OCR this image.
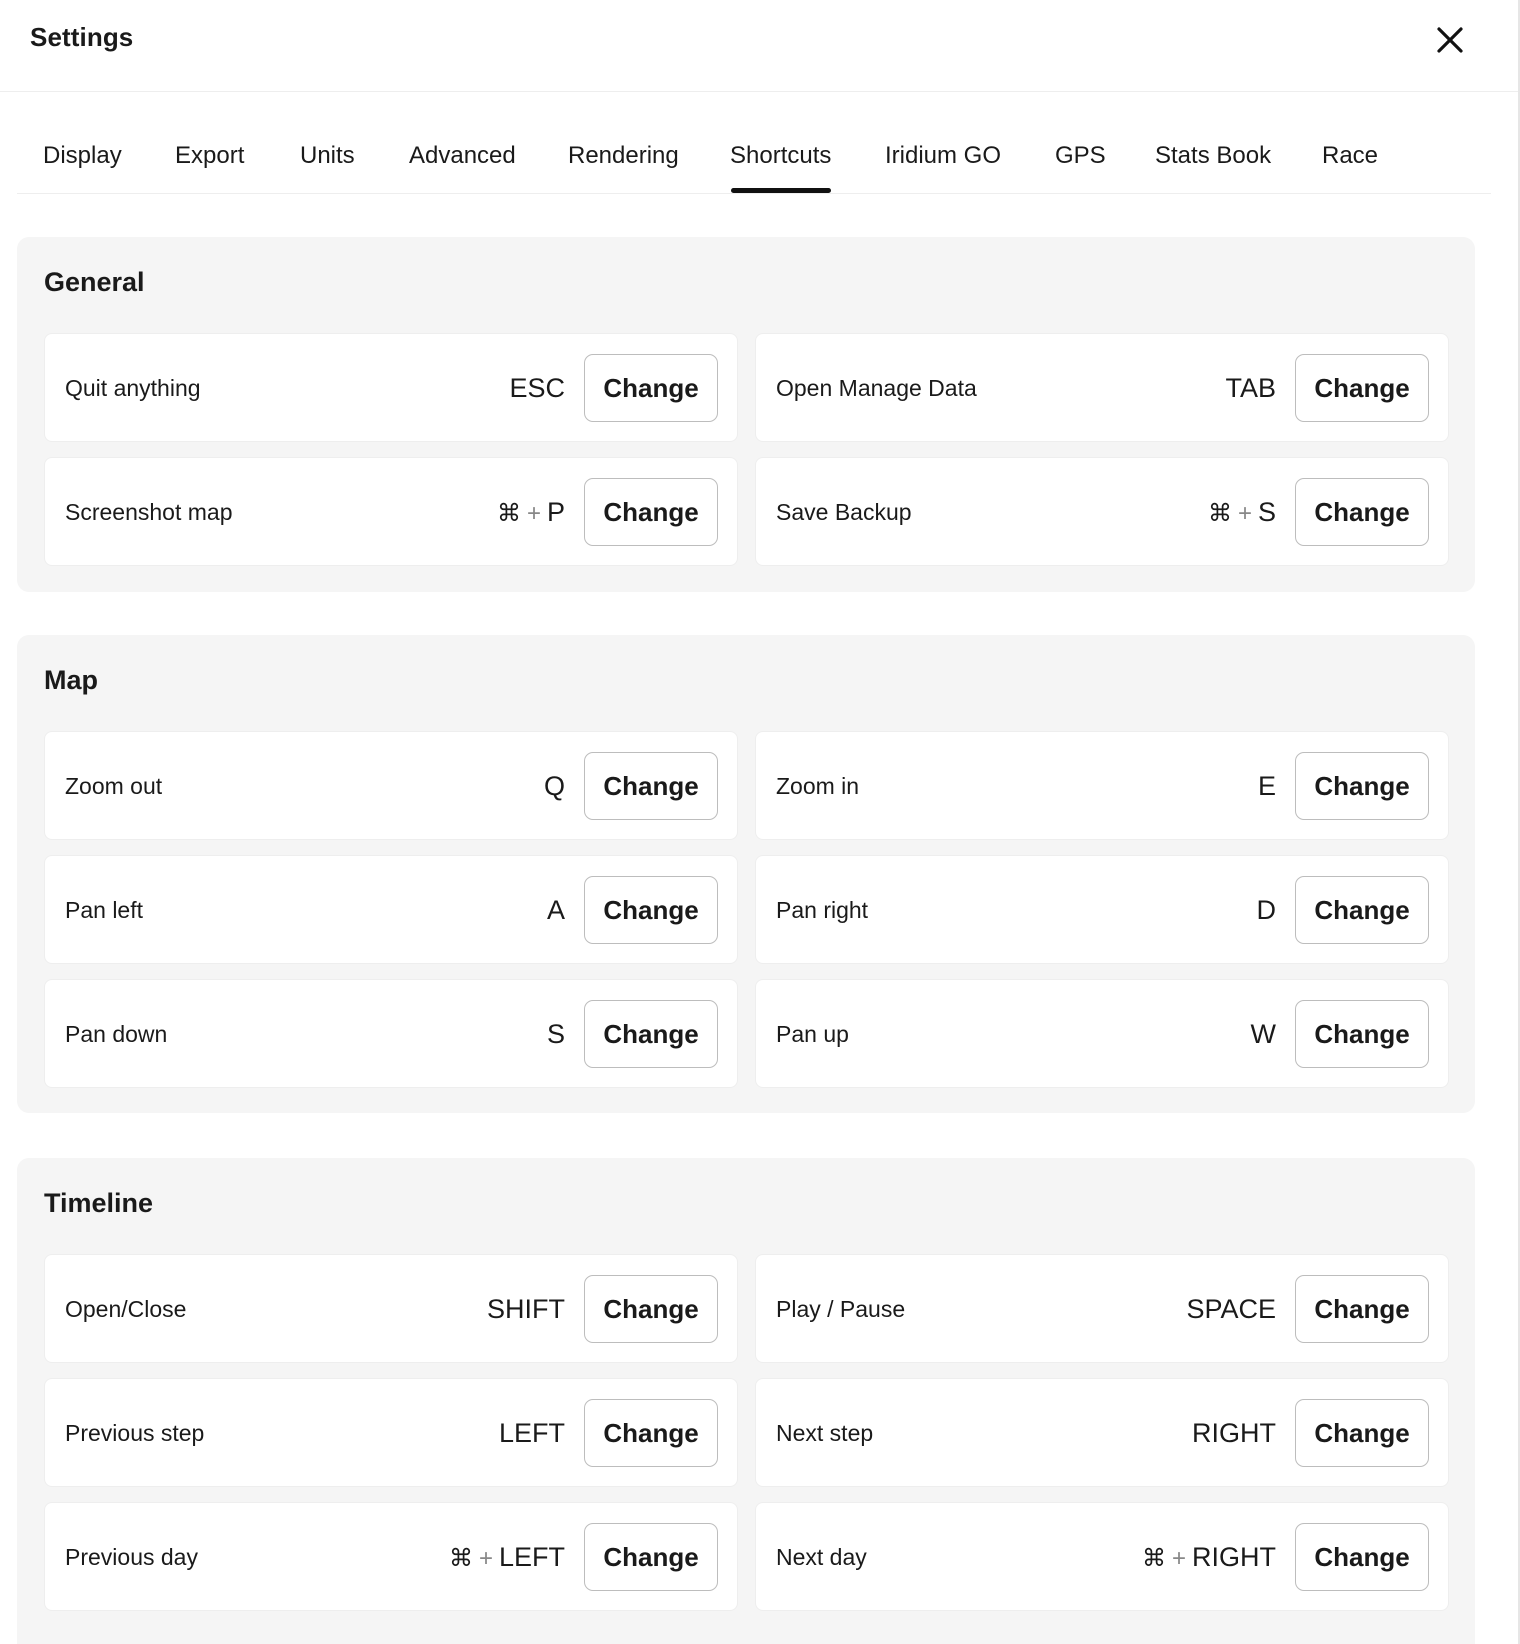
Settings
Display Export Units Advanced Rendering Shortcuts Iridium GO GPS Stats Book Race
General
Quit anything	ESC	Change	Open Manage Data	TAB	Change
Screenshot map	⌘ + P	Change	Save Backup	⌘ + S	Change
Map
Zoom out	Q	Change	Zoom in	E	Change
Pan left	A	Change	Pan right	D	Change
Pan down	S	Change	Pan up	W	Change
Timeline
Open/Close	SHIFT	Change	Play / Pause	SPACE	Change
Previous step	LEFT	Change	Next step	RIGHT	Change
Previous day	⌘ + LEFT	Change	Next day	⌘ + RIGHT	Change
